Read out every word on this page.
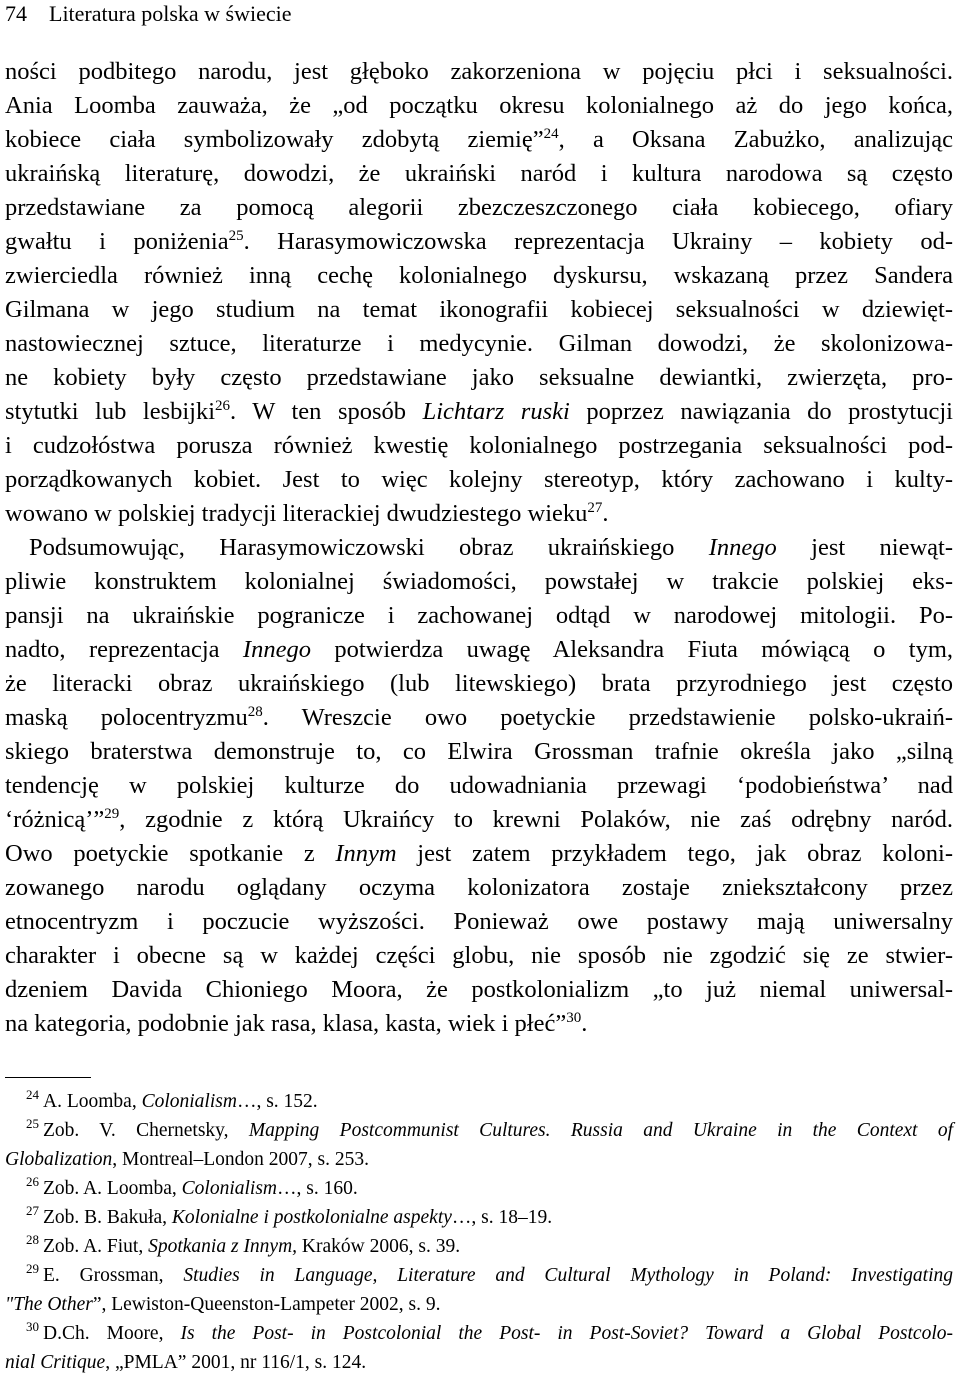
74 Literatura polska w świecie
ności podbitego narodu, jest głęboko zakorzeniona w pojęciu płci i seksualności.
Ania Loomba zauważa, że „od początku okresu kolonialnego aż do jego końca,
kobiece ciała symbolizowały zdobytą ziemię”$^{24}$, a Oksana Zabużko, analizując
ukraińską literaturę, dowodzi, że ukraiński naród i kultura narodowa są często
przedstawiane za pomocą alegorii zbezczeszczonego ciała kobiecego, ofiary
gwałtu i poniżenia$^{25}$. Harasymowiczowska reprezentacja Ukrainy – kobiety od-
zwierciedla również inną cechę kolonialnego dyskursu, wskazaną przez Sandera
Gilmana w jego studium na temat ikonografii kobiecej seksualności w dziewięt-
nastowiecznej sztuce, literaturze i medycynie. Gilman dowodzi, że skolonizowa-
ne kobiety były często przedstawiane jako seksualne dewiantki, zwierzęta, pro-
stytutki lub lesbijki$^{26}$. W ten sposób Lichtarz ruski poprzez nawiązania do prostytucji
i cudzołóstwa porusza również kwestię kolonialnego postrzegania seksualności pod-
porządkowanych kobiet. Jest to więc kolejny stereotyp, który zachowano i kulty-
wowano w polskiej tradycji literackiej dwudziestego wieku$^{27}$.
Podsumowując, Harasymowiczowski obraz ukraińskiego Innego jest niewąt-
pliwie konstruktem kolonialnej świadomości, powstałej w trakcie polskiej eks-
pansji na ukraińskie pogranicze i zachowanej odtąd w narodowej mitologii. Po-
nadto, reprezentacja Innego potwierdza uwagę Aleksandra Fiuta mówiącą o tym,
że literacki obraz ukraińskiego (lub litewskiego) brata przyrodniego jest często
maską polocentryzmu$^{28}$. Wreszcie owo poetyckie przedstawienie polsko-ukraiń-
skiego braterstwa demonstruje to, co Elwira Grossman trafnie określa jako „silną
tendencję w polskiej kulturze do udowadniania przewagi ‘podobieństwa’ nad
‘różnicą’”$^{29}$, zgodnie z którą Ukraińcy to krewni Polaków, nie zaś odrębny naród.
Owo poetyckie spotkanie z Innym jest zatem przykładem tego, jak obraz koloni-
zowanego narodu oglądany oczyma kolonizatora zostaje zniekształcony przez
etnocentryzm i poczucie wyższości. Ponieważ owe postawy mają uniwersalny
charakter i obecne są w każdej części globu, nie sposób nie zgodzić się ze stwier-
dzeniem Davida Chioniego Moora, że postkolonializm „to już niemal uniwersal-
na kategoria, podobnie jak rasa, klasa, kasta, wiek i płeć”$^{30}$.
$^{24}$ A. Loomba, Colonialism…, s. 152.
$^{25}$ Zob. V. Chernetsky, Mapping Postcommunist Cultures. Russia and Ukraine in the Context of
Globalization, Montreal–London 2007, s. 253.
$^{26}$ Zob. A. Loomba, Colonialism…, s. 160.
$^{27}$ Zob. B. Bakuła, Kolonialne i postkolonialne aspekty…, s. 18–19.
$^{28}$ Zob. A. Fiut, Spotkania z Innym, Kraków 2006, s. 39.
$^{29}$ E. Grossman, Studies in Language, Literature and Cultural Mythology in Poland: Investigating
"The Other”, Lewiston-Queenston-Lampeter 2002, s. 9.
$^{30}$ D.Ch. Moore, Is the Post- in Postcolonial the Post- in Post-Soviet? Toward a Global Postcolo-
nial Critique, „PMLA” 2001, nr 116/1, s. 124.
